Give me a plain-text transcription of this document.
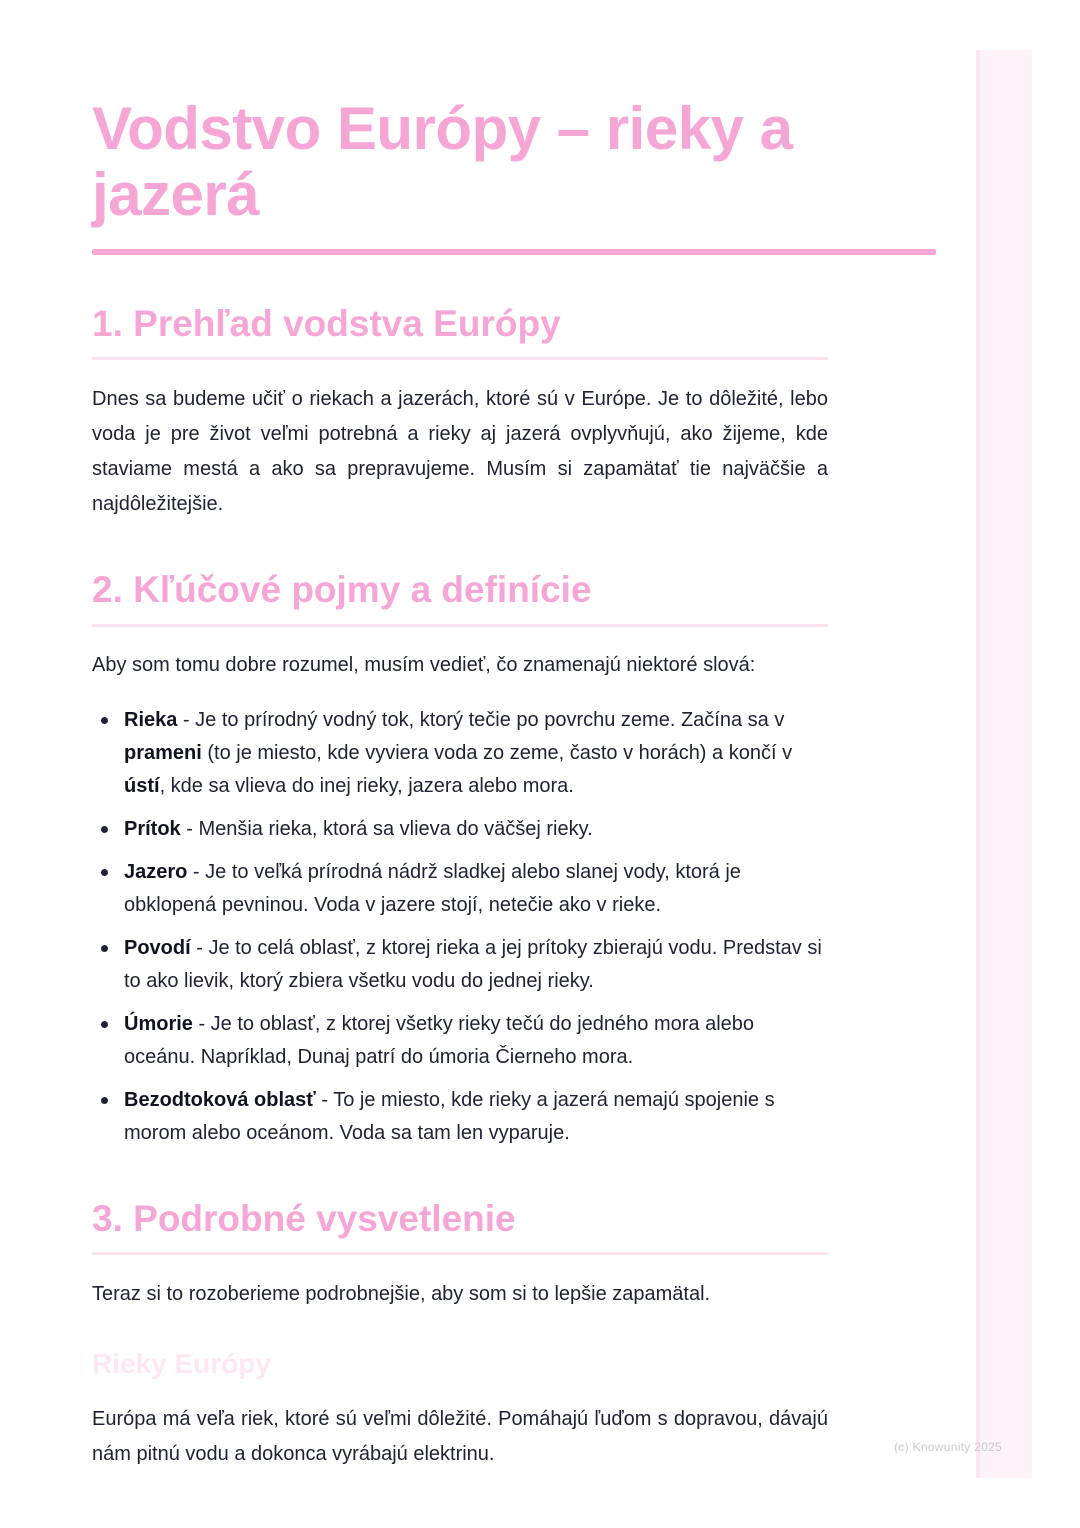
Vodstvo Európy – rieky a jazerá
1. Prehľad vodstva Európy

Dnes sa budeme učiť o riekach a jazerách, ktoré sú v Európe. Je to dôležité, lebo voda je pre život veľmi potrebná a rieky aj jazerá ovplyvňujú, ako žijeme, kde staviame mestá a ako sa prepravujeme. Musím si zapamätať tie najväčšie a najdôležitejšie.

2. Kľúčové pojmy a definície

Aby som tomu dobre rozumel, musím vedieť, čo znamenajú niektoré slová:

Rieka - Je to prírodný vodný tok, ktorý tečie po povrchu zeme. Začína sa v prameni (to je miesto, kde vyviera voda zo zeme, často v horách) a končí v ústí, kde sa vlieva do inej rieky, jazera alebo mora.
Prítok - Menšia rieka, ktorá sa vlieva do väčšej rieky.
Jazero - Je to veľká prírodná nádrž sladkej alebo slanej vody, ktorá je obklopená pevninou. Voda v jazere stojí, netečie ako v rieke.
Povodí - Je to celá oblasť, z ktorej rieka a jej prítoky zbierajú vodu. Predstav si to ako lievik, ktorý zbiera všetku vodu do jednej rieky.
Úmorie - Je to oblasť, z ktorej všetky rieky tečú do jedného mora alebo oceánu. Napríklad, Dunaj patrí do úmoria Čierneho mora.
Bezodtoková oblasť - To je miesto, kde rieky a jazerá nemajú spojenie s morom alebo oceánom. Voda sa tam len vyparuje.
3. Podrobné vysvetlenie

Teraz si to rozoberieme podrobnejšie, aby som si to lepšie zapamätal.

Rieky Európy

Európa má veľa riek, ktoré sú veľmi dôležité. Pomáhajú ľuďom s dopravou, dávajú nám pitnú vodu a dokonca vyrábajú elektrinu.	(c) Knowunity 2025
